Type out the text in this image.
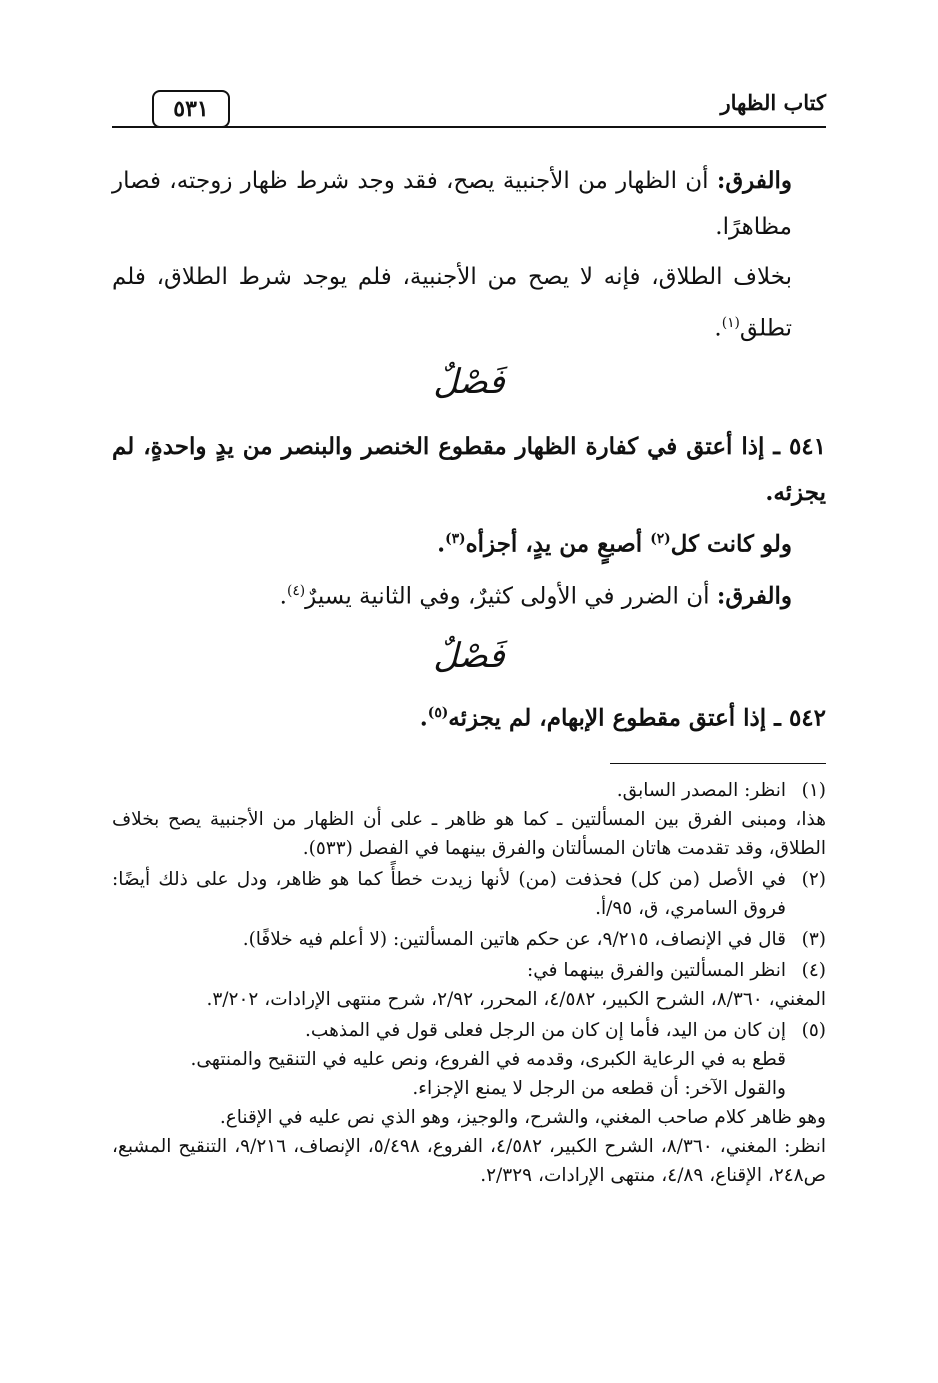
كتاب الظهار
٥٣١
والفرق: أن الظهار من الأجنبية يصح، فقد وجد شرط ظهار زوجته، فصار مظاهرًا.
بخلاف الطلاق، فإنه لا يصح من الأجنبية، فلم يوجد شرط الطلاق، فلم تطلق$^{(١)}$.
فَصْلٌ
٥٤١ ـ إذا أعتق في كفارة الظهار مقطوع الخنصر والبنصر من يدٍ واحدةٍ، لم يجزئه.
ولو كانت كل$^{(٢)}$ أصبعٍ من يدٍ، أجزأه$^{(٣)}$.
والفرق: أن الضرر في الأولى كثيرٌ، وفي الثانية يسيرٌ$^{(٤)}$.
فَصْلٌ
٥٤٢ ـ إذا أعتق مقطوع الإبهام، لم يجزئه$^{(٥)}$.
(١)

انظر: المصدر السابق.

هذا، ومبنى الفرق بين المسألتين ـ كما هو ظاهر ـ على أن الظهار من الأجنبية يصح بخلاف الطلاق، وقد تقدمت هاتان المسألتان والفرق بينهما في الفصل (٥٣٣).

(٢)

في الأصل (من كل) فحذفت (من) لأنها زيدت خطأً كما هو ظاهر، ودل على ذلك أيضًا: فروق السامري، ق، ٩٥/أ.

(٣)

قال في الإنصاف، ٩/٢١٥، عن حكم هاتين المسألتين: (لا أعلم فيه خلافًا).

(٤)

انظر المسألتين والفرق بينهما في:

المغني، ٨/٣٦٠، الشرح الكبير، ٤/٥٨٢، المحرر، ٢/٩٢، شرح منتهى الإرادات، ٣/٢٠٢.

(٥)

إن كان من اليد، فأما إن كان من الرجل فعلى قول في المذهب.

قطع به في الرعاية الكبرى، وقدمه في الفروع، ونص عليه في التنقيح والمنتهى.

والقول الآخر: أن قطعه من الرجل لا يمنع الإجزاء.

وهو ظاهر كلام صاحب المغني، والشرح، والوجيز، وهو الذي نص عليه في الإقناع.

انظر: المغني، ٨/٣٦٠، الشرح الكبير، ٤/٥٨٢، الفروع، ٥/٤٩٨، الإنصاف، ٩/٢١٦، التنقيح المشبع، ص٢٤٨، الإقناع، ٤/٨٩، منتهى الإرادات، ٢/٣٢٩.
